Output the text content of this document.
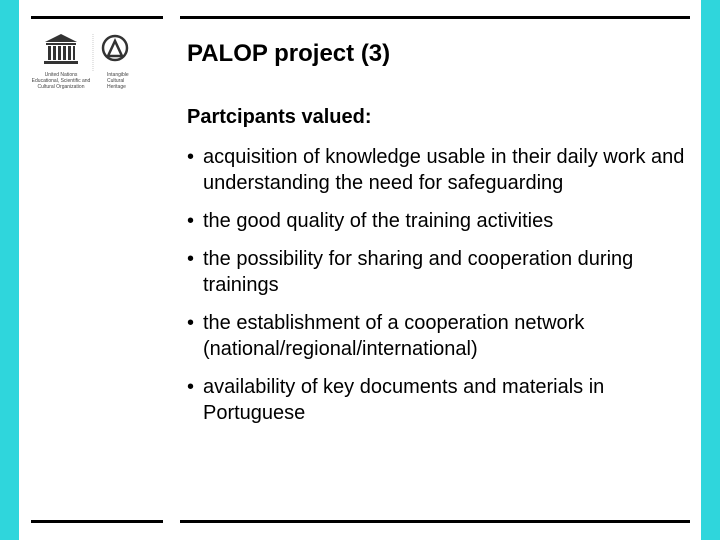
United Nations
Educational, Scientific and
Cultural Organization
Intangible
Cultural
Heritage
PALOP project (3)

Partcipants valued:

• acquisition of knowledge usable in their daily work and understanding the need for safeguarding
• the good quality of the training activities
• the possibility for sharing and cooperation during trainings
• the establishment of a cooperation network (national/regional/international)
• availability of key documents and materials in Portuguese
